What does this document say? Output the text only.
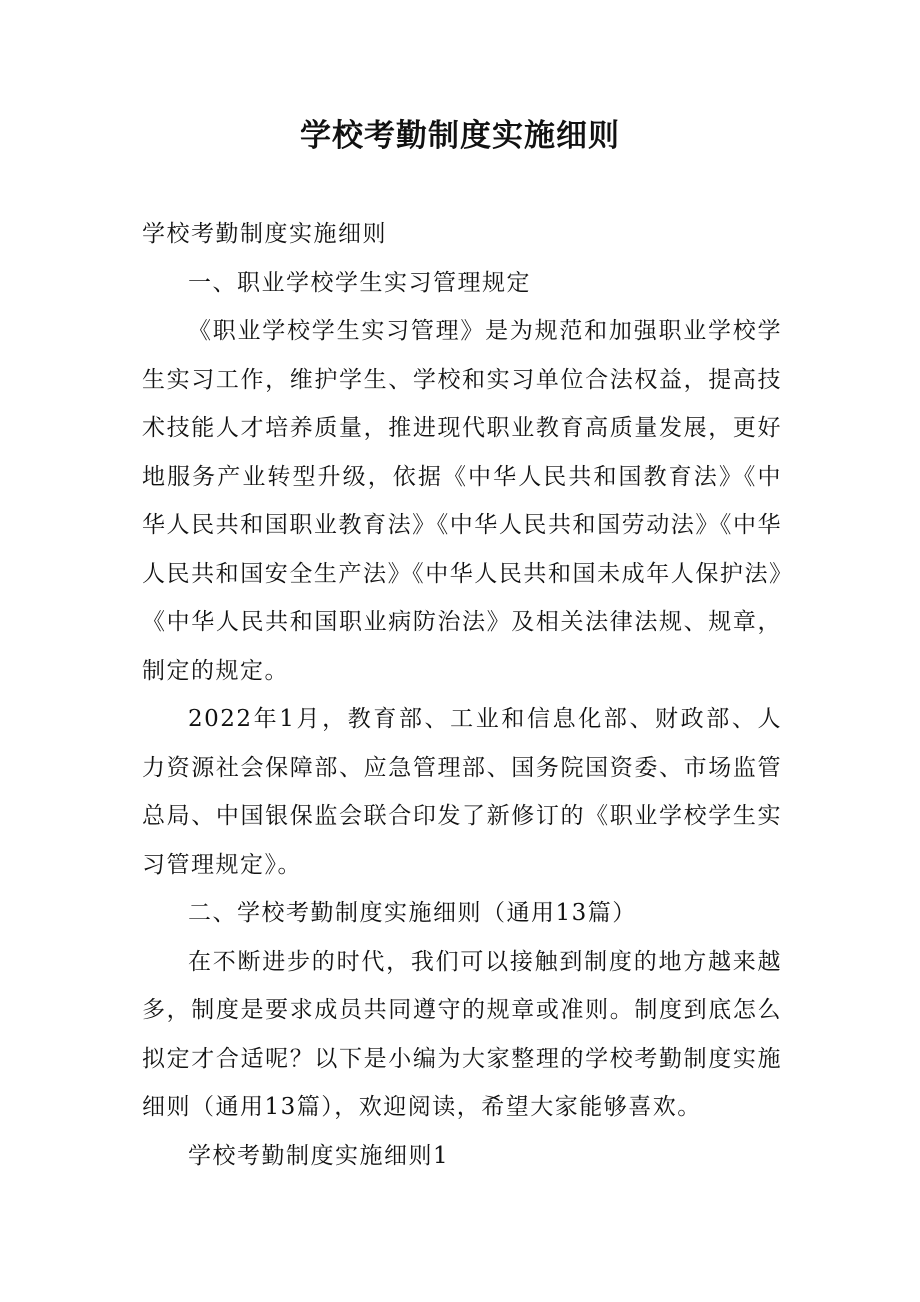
学校考勤制度实施细则

学校考勤制度实施细则

一、职业学校学生实习管理规定

《职业学校学生实习管理》是为规范和加强职业学校学生实习工作，维护学生、学校和实习单位合法权益，提高技术技能人才培养质量，推进现代职业教育高质量发展，更好地服务产业转型升级，依据《中华人民共和国教育法》《中华人民共和国职业教育法》《中华人民共和国劳动法》《中华人民共和国安全生产法》《中华人民共和国未成年人保护法》《中华人民共和国职业病防治法》及相关法律法规、规章，制定的规定。

2022年1月，教育部、工业和信息化部、财政部、人力资源社会保障部、应急管理部、国务院国资委、市场监管总局、中国银保监会联合印发了新修订的《职业学校学生实习管理规定》。

二、学校考勤制度实施细则（通用13篇）

在不断进步的时代，我们可以接触到制度的地方越来越多，制度是要求成员共同遵守的规章或准则。制度到底怎么拟定才合适呢？以下是小编为大家整理的学校考勤制度实施细则（通用13篇），欢迎阅读，希望大家能够喜欢。

学校考勤制度实施细则1
